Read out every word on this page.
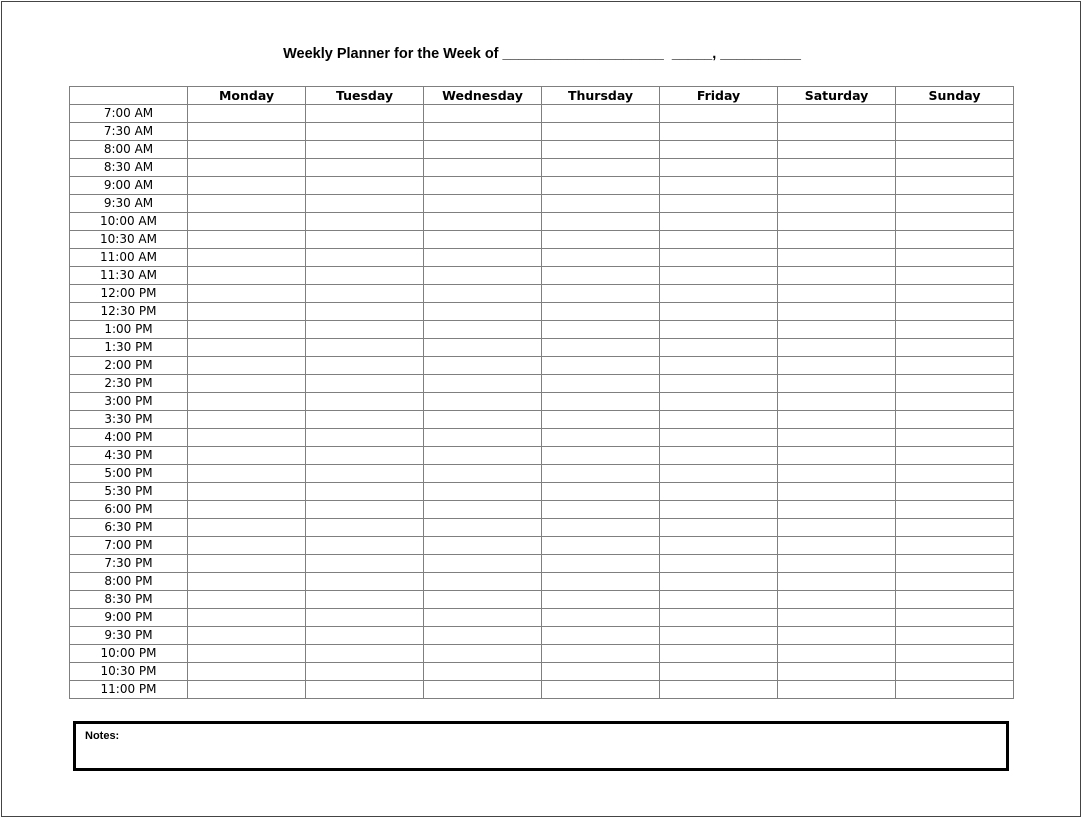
Weekly Planner for the Week of ____________________  _____, __________
	Monday	Tuesday	Wednesday	Thursday	Friday	Saturday	Sunday
7:00 AM							
7:30 AM							
8:00 AM							
8:30 AM							
9:00 AM							
9:30 AM							
10:00 AM							
10:30 AM							
11:00 AM							
11:30 AM							
12:00 PM							
12:30 PM							
1:00 PM							
1:30 PM							
2:00 PM							
2:30 PM							
3:00 PM							
3:30 PM							
4:00 PM							
4:30 PM							
5:00 PM							
5:30 PM							
6:00 PM							
6:30 PM							
7:00 PM							
7:30 PM							
8:00 PM							
8:30 PM							
9:00 PM							
9:30 PM							
10:00 PM							
10:30 PM							
11:00 PM							
Notes:
